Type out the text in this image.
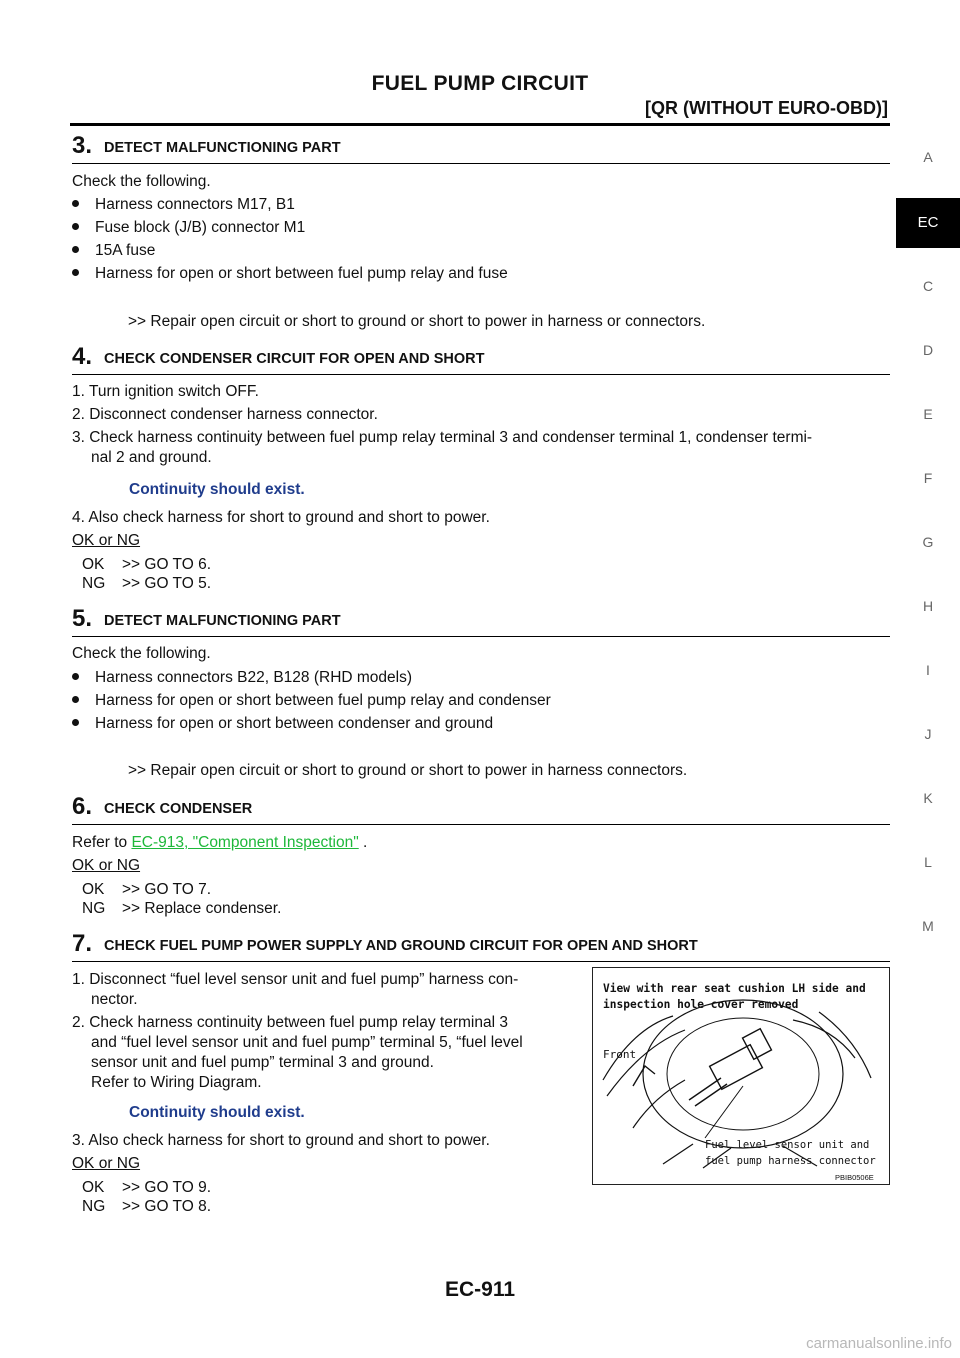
FUEL PUMP CIRCUIT
[QR (WITHOUT EURO-OBD)]
A
EC
C
D
E
F
G
H
I
J
K
L
M
3. DETECT MALFUNCTIONING PART
Check the following.
Harness connectors M17, B1
Fuse block (J/B) connector M1
15A fuse
Harness for open or short between fuel pump relay and fuse
>> Repair open circuit or short to ground or short to power in harness or connectors.
4. CHECK CONDENSER CIRCUIT FOR OPEN AND SHORT
1. Turn ignition switch OFF.
2. Disconnect condenser harness connector.
3. Check harness continuity between fuel pump relay terminal 3 and condenser terminal 1, condenser termi-
nal 2 and ground.
Continuity should exist.
4. Also check harness for short to ground and short to power.
OK or NG
OK >> GO TO 6.
NG >> GO TO 5.
5. DETECT MALFUNCTIONING PART
Check the following.
Harness connectors B22, B128 (RHD models)
Harness for open or short between fuel pump relay and condenser
Harness for open or short between condenser and ground
>> Repair open circuit or short to ground or short to power in harness connectors.
6. CHECK CONDENSER
Refer to EC-913, "Component Inspection" .
OK or NG
OK >> GO TO 7.
NG >> Replace condenser.
7. CHECK FUEL PUMP POWER SUPPLY AND GROUND CIRCUIT FOR OPEN AND SHORT
1. Disconnect “fuel level sensor unit and fuel pump” harness con-
nector.
2. Check harness continuity between fuel pump relay terminal 3
and “fuel level sensor unit and fuel pump” terminal 5, “fuel level
sensor unit and fuel pump” terminal 3 and ground.
Refer to Wiring Diagram.
Continuity should exist.
3. Also check harness for short to ground and short to power.
OK or NG
OK >> GO TO 9.
NG >> GO TO 8.
View with rear seat cushion LH side and
inspection hole cover removed
Front
Fuel level sensor unit and
fuel pump harness connector
PBIB0506E
EC-911
carmanualsonline.info
